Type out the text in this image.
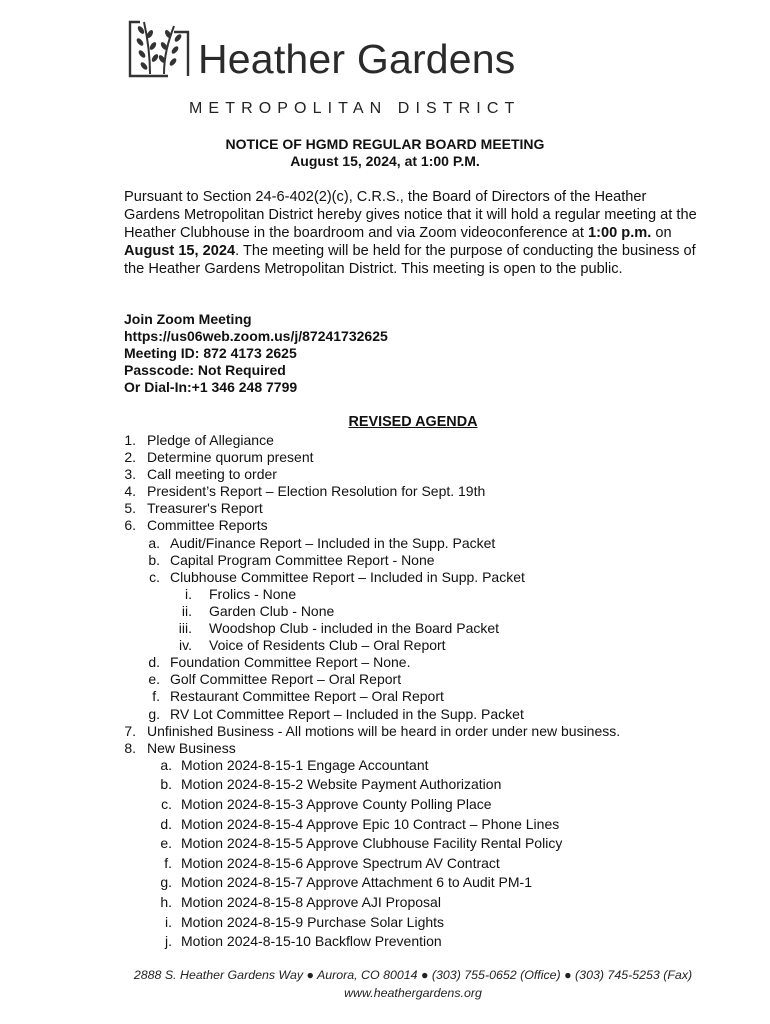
Heather Gardens
METROPOLITAN DISTRICT
NOTICE OF HGMD REGULAR BOARD MEETING
August 15, 2024, at 1:00 P.M.
Pursuant to Section 24-6-402(2)(c), C.R.S., the Board of Directors of the Heather Gardens Metropolitan District hereby gives notice that it will hold a regular meeting at the Heather Clubhouse in the boardroom and via Zoom videoconference at 1:00 p.m. on August 15, 2024. The meeting will be held for the purpose of conducting the business of the Heather Gardens Metropolitan District. This meeting is open to the public.
Join Zoom Meeting
https://us06web.zoom.us/j/87241732625
Meeting ID: 872 4173 2625
Passcode: Not Required
Or Dial-In:+1 346 248 7799
REVISED AGENDA
1. Pledge of Allegiance
2. Determine quorum present
3. Call meeting to order
4. President’s Report – Election Resolution for Sept. 19th
5. Treasurer's Report
6. Committee Reports
a. Audit/Finance Report – Included in the Supp. Packet
b. Capital Program Committee Report - None
c. Clubhouse Committee Report – Included in Supp. Packet
i. Frolics - None
ii. Garden Club - None
iii. Woodshop Club - included in the Board Packet
iv. Voice of Residents Club – Oral Report
d. Foundation Committee Report – None.
e. Golf Committee Report – Oral Report
f. Restaurant Committee Report – Oral Report
g. RV Lot Committee Report – Included in the Supp. Packet
7. Unfinished Business - All motions will be heard in order under new business.
8. New Business
a. Motion 2024-8-15-1 Engage Accountant
b. Motion 2024-8-15-2 Website Payment Authorization
c. Motion 2024-8-15-3 Approve County Polling Place
d. Motion 2024-8-15-4 Approve Epic 10 Contract – Phone Lines
e. Motion 2024-8-15-5 Approve Clubhouse Facility Rental Policy
f. Motion 2024-8-15-6 Approve Spectrum AV Contract
g. Motion 2024-8-15-7 Approve Attachment 6 to Audit PM-1
h. Motion 2024-8-15-8 Approve AJI Proposal
i. Motion 2024-8-15-9 Purchase Solar Lights
j. Motion 2024-8-15-10 Backflow Prevention
2888 S. Heather Gardens Way ● Aurora, CO 80014 ● (303) 755-0652 (Office) ● (303) 745-5253 (Fax)
www.heathergardens.org
